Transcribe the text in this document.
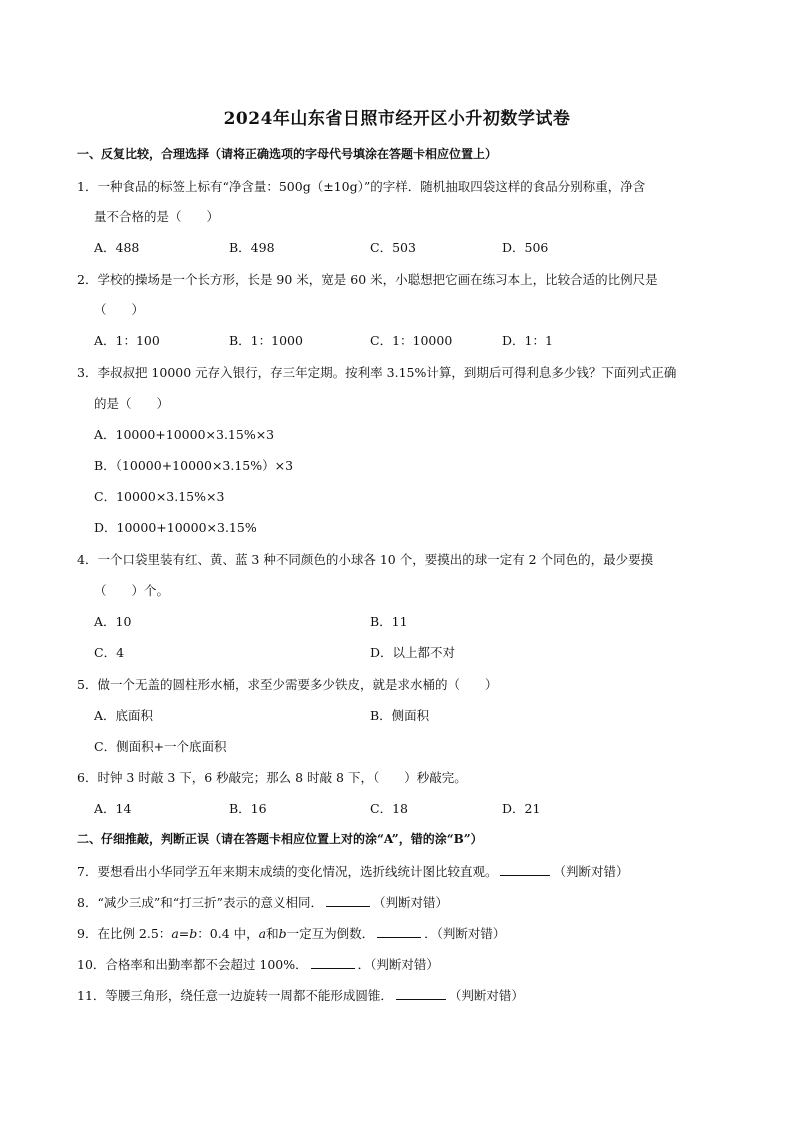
2024年山东省日照市经开区小升初数学试卷
一、反复比较，合理选择（请将正确选项的字母代号填涂在答题卡相应位置上）
1．一种食品的标签上标有“净含量：500g（±10g）”的字样．随机抽取四袋这样的食品分别称重，净含
量不合格的是（　　）
A．488	B．498	C．503	D．506
2．学校的操场是一个长方形，长是 90 米，宽是 60 米，小聪想把它画在练习本上，比较合适的比例尺是
（　　）
A．1：100	B．1：1000	C．1：10000	D．1：1
3．李叔叔把 10000 元存入银行，存三年定期。按利率 3.15%计算，到期后可得利息多少钱？下面列式正确
的是（　　）
A．10000+10000×3.15%×3
B．（10000+10000×3.15%）×3
C．10000×3.15%×3
D．10000+10000×3.15%
4．一个口袋里装有红、黄、蓝 3 种不同颜色的小球各 10 个，要摸出的球一定有 2 个同色的，最少要摸
（　　）个。
A．10	B．11
C．4	D．以上都不对
5．做一个无盖的圆柱形水桶，求至少需要多少铁皮，就是求水桶的（　　）
A．底面积	B．侧面积
C．侧面积+一个底面积
6．时钟 3 时敲 3 下，6 秒敲完；那么 8 时敲 8 下，（　　）秒敲完。
A．14	B．16	C．18	D．21
二、仔细推敲，判断正误（请在答题卡相应位置上对的涂“A”，错的涂“B”）
7．要想看出小华同学五年来期末成绩的变化情况，选折线统计图比较直观。	（判断对错）
8．“减少三成”和“打三折”表示的意义相同．	（判断对错）
9．在比例 2.5：a=b：0.4 中，a和b一定互为倒数．	．（判断对错）
10．合格率和出勤率都不会超过 100%．	．（判断对错）
11．等腰三角形，绕任意一边旋转一周都不能形成圆锥．	（判断对错）
